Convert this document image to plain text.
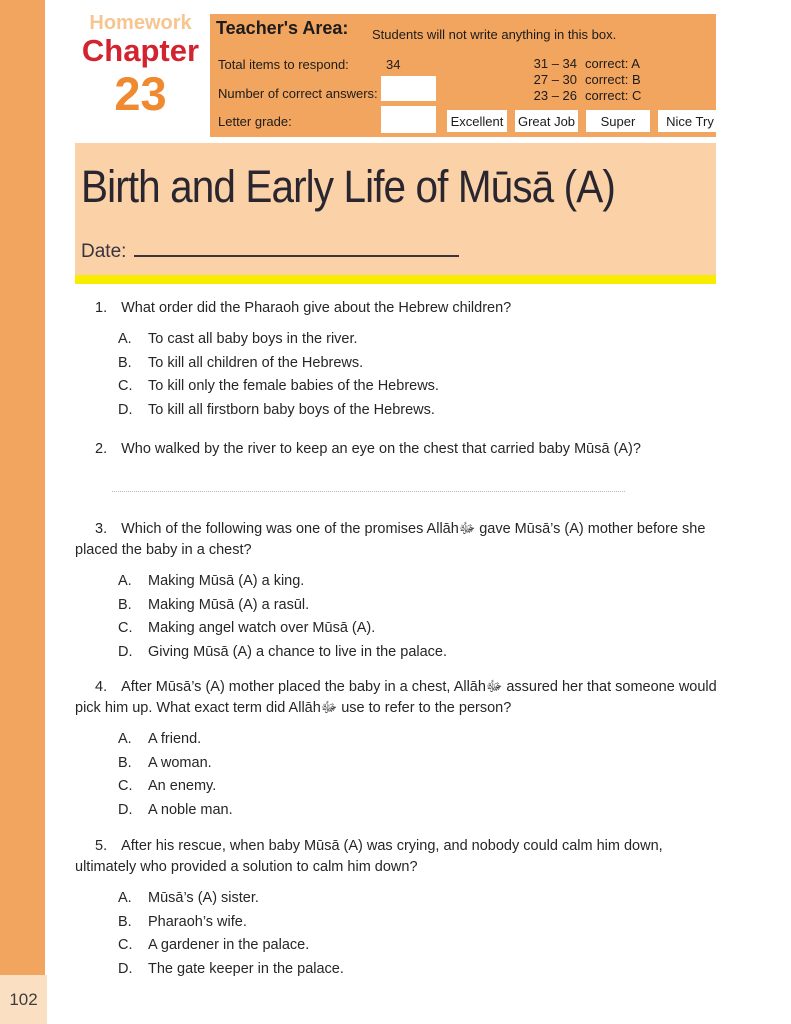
102
Homework
Chapter
23
Teacher's Area: Students will not write anything in this box.
Total items to respond:	34
Number of correct answers:
Letter grade:
31 – 34 correct: A
27 – 30 correct: B
23 – 26 correct: C
Excellent Great Job	Super	Nice Try
Birth and Early Life of Mūsā (A)
Date:

1. What order did the Pharaoh give about the Hebrew children?

A.	To cast all baby boys in the river.
B.	To kill all children of the Hebrews.
C.	To kill only the female babies of the Hebrews.
D.	To kill all firstborn baby boys of the Hebrews.

2. Who walked by the river to keep an eye on the chest that carried baby Mūsā (A)?

3. Which of the following was one of the promises Allāhﷻ gave Mūsā’s (A) mother before she placed the baby in a chest?

A.	Making Mūsā (A) a king.
B.	Making Mūsā (A) a rasūl.
C.	Making angel watch over Mūsā (A).
D.	Giving Mūsā (A) a chance to live in the palace.

4. After Mūsā’s (A) mother placed the baby in a chest, Allāhﷻ assured her that someone would pick him up. What exact term did Allāhﷻ use to refer to the person?

A.	A friend.
B.	A woman.
C.	An enemy.
D.	A noble man.

5. After his rescue, when baby Mūsā (A) was crying, and nobody could calm him down, ultimately who provided a solution to calm him down?

A.	Mūsā’s (A) sister.
B.	Pharaoh’s wife.
C.	A gardener in the palace.
D.	The gate keeper in the palace.
